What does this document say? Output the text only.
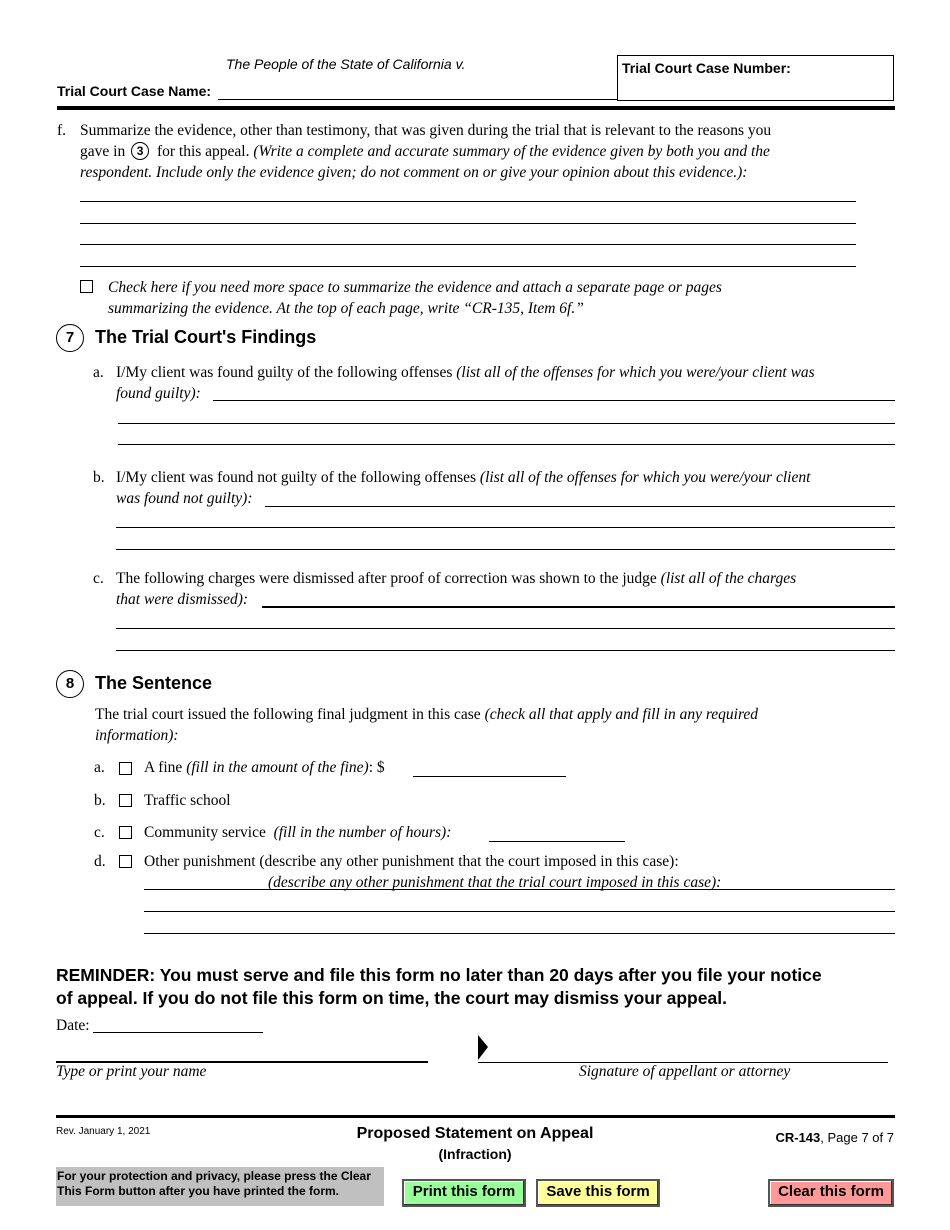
The People of the State of California v.
Trial Court Case Name:
Trial Court Case Number:
f. Summarize the evidence, other than testimony, that was given during the trial that is relevant to the reasons you
gave in 3 for this appeal. (Write a complete and accurate summary of the evidence given by both you and the
respondent. Include only the evidence given; do not comment on or give your opinion about this evidence.):
Check here if you need more space to summarize the evidence and attach a separate page or pages
summarizing the evidence. At the top of each page, write “CR-135, Item 6f.”
7	The Trial Court's Findings
a. I/My client was found guilty of the following offenses (list all of the offenses for which you were/your client was
found guilty):
b. I/My client was found not guilty of the following offenses (list all of the offenses for which you were/your client
was found not guilty):
c. The following charges were dismissed after proof of correction was shown to the judge (list all of the charges
that were dismissed):
8	The Sentence
The trial court issued the following final judgment in this case (check all that apply and fill in any required
information):
a.	A fine (fill in the amount of the fine): $
b. Traffic school
c.	Community service (fill in the number of hours):
d. Other punishment (describe any other punishment that the court imposed in this case):
(describe any other punishment that the trial court imposed in this case):
REMINDER: You must serve and file this form no later than 20 days after you file your notice
of appeal. If you do not file this form on time, the court may dismiss your appeal.
Date:
Type or print your name	Signature of appellant or attorney
Rev. January 1, 2021	Proposed Statement on Appeal
(Infraction)
CR-143, Page 7 of 7
For your protection and privacy, please press the Clear
This Form button after you have printed the form.	Print this form	Save this form	Clear this form
